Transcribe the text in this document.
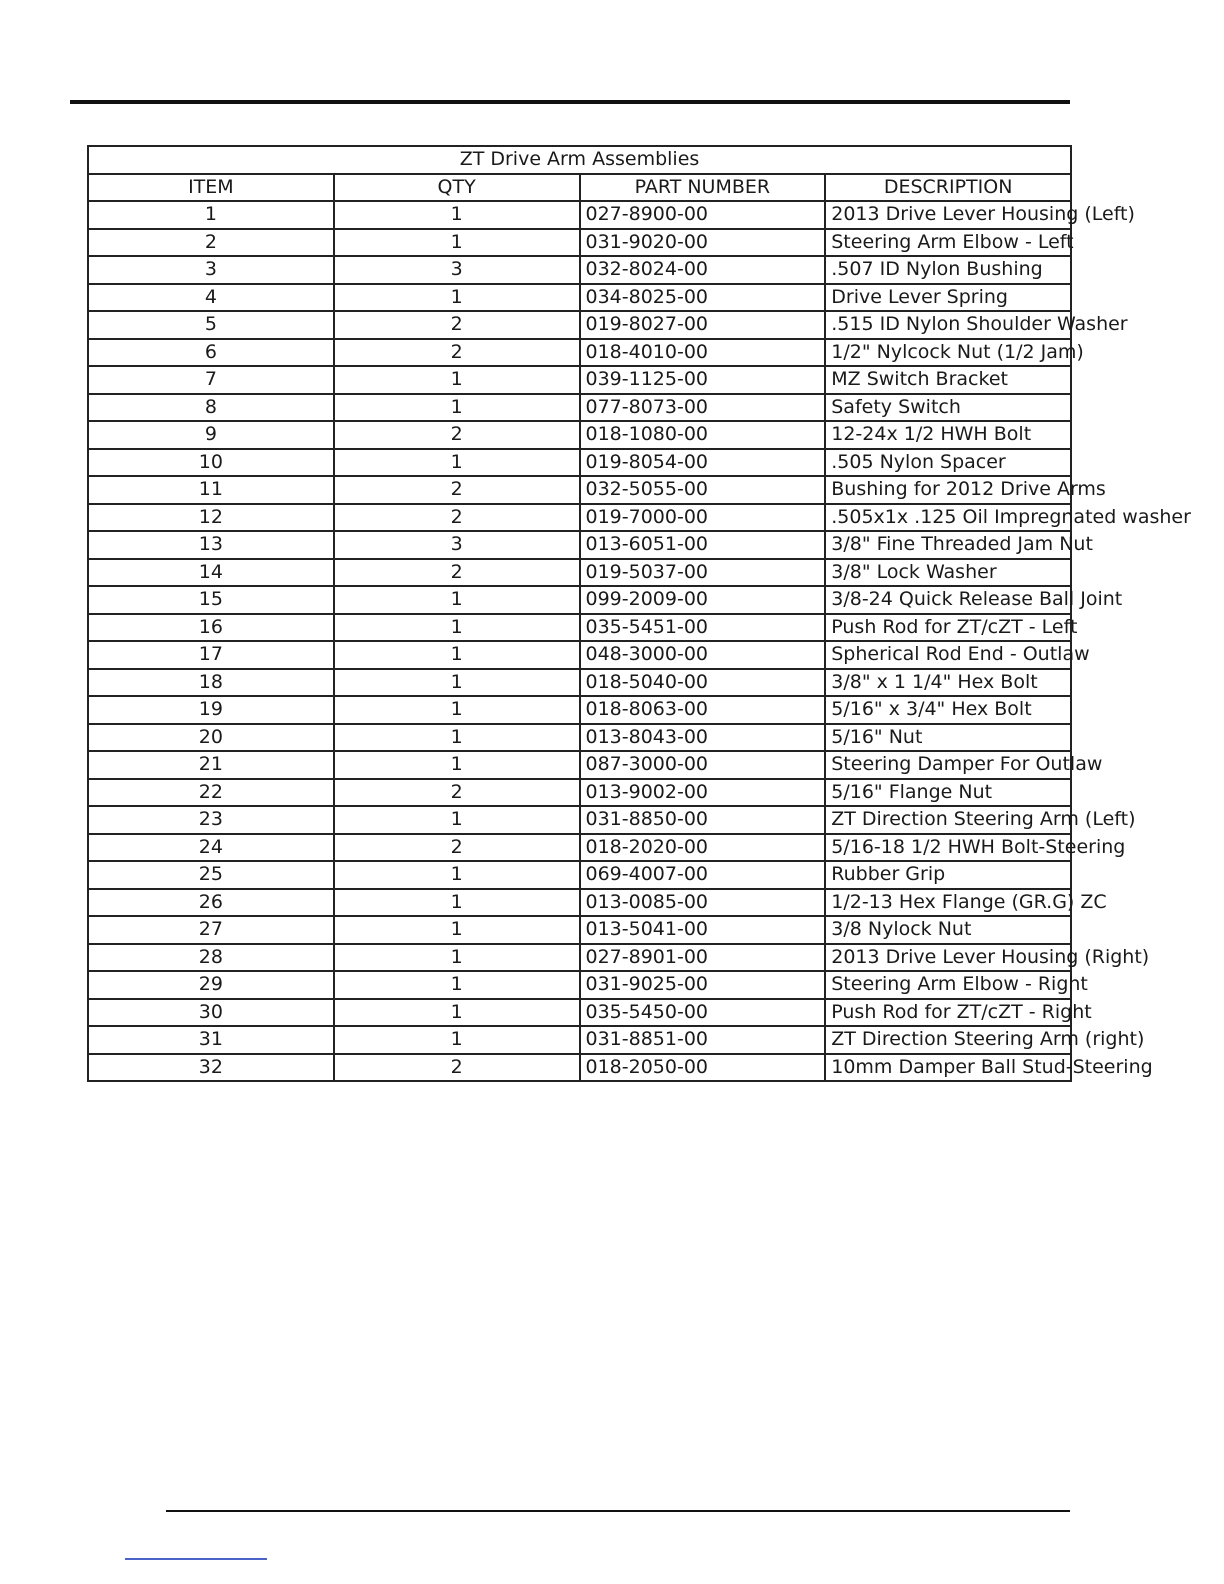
ZT Drive Arm Assemblies			
ITEM	QTY	PART NUMBER	DESCRIPTION
1	1	027-8900-00	2013 Drive Lever Housing (Left)
2	1	031-9020-00	Steering Arm Elbow - Left
3	3	032-8024-00	.507 ID Nylon Bushing
4	1	034-8025-00	Drive Lever Spring
5	2	019-8027-00	.515 ID Nylon Shoulder Washer
6	2	018-4010-00	1/2" Nylcock Nut (1/2 Jam)
7	1	039-1125-00	MZ Switch Bracket
8	1	077-8073-00	Safety Switch
9	2	018-1080-00	12-24x 1/2 HWH Bolt
10	1	019-8054-00	.505 Nylon Spacer
11	2	032-5055-00	Bushing for 2012 Drive Arms
12	2	019-7000-00	.505x1x .125 Oil Impregnated washer
13	3	013-6051-00	3/8" Fine Threaded Jam Nut
14	2	019-5037-00	3/8" Lock Washer
15	1	099-2009-00	3/8-24 Quick Release Ball Joint
16	1	035-5451-00	Push Rod for ZT/cZT - Left
17	1	048-3000-00	Spherical Rod End - Outlaw
18	1	018-5040-00	3/8" x 1 1/4" Hex Bolt
19	1	018-8063-00	5/16" x 3/4" Hex Bolt
20	1	013-8043-00	5/16" Nut
21	1	087-3000-00	Steering Damper For Outlaw
22	2	013-9002-00	5/16" Flange Nut
23	1	031-8850-00	ZT Direction Steering Arm (Left)
24	2	018-2020-00	5/16-18 1/2 HWH Bolt-Steering
25	1	069-4007-00	Rubber Grip
26	1	013-0085-00	1/2-13 Hex Flange (GR.G) ZC
27	1	013-5041-00	3/8 Nylock Nut
28	1	027-8901-00	2013 Drive Lever Housing (Right)
29	1	031-9025-00	Steering Arm Elbow - Right
30	1	035-5450-00	Push Rod for ZT/cZT - Right
31	1	031-8851-00	ZT Direction Steering Arm (right)
32	2	018-2050-00	10mm Damper Ball Stud-Steering
